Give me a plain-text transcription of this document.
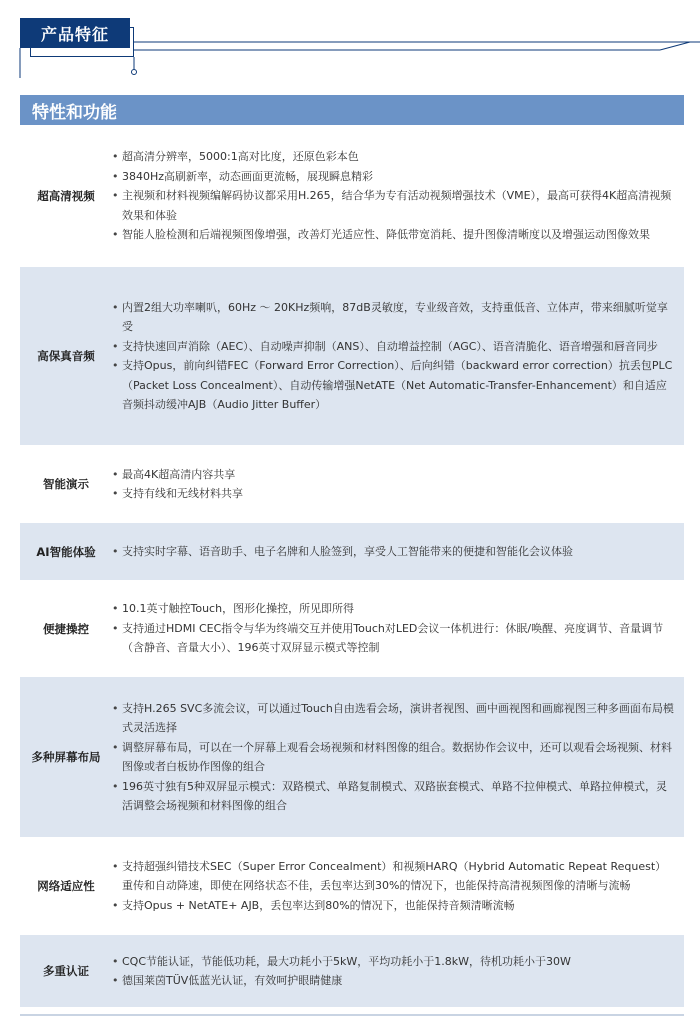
产品特征
特性和功能
超高清视频
• 超高清分辨率，5000:1高对比度，还原色彩本色
• 3840Hz高刷新率，动态画面更流畅，展现瞬息精彩
• 主视频和材料视频编解码协议都采用H.265，结合华为专有活动视频增强技术（VME），最高可获得4K超高清视频效果和体验
• 智能人脸检测和后端视频图像增强，改善灯光适应性、降低带宽消耗、提升图像清晰度以及增强运动图像效果
高保真音频
• 内置2组大功率喇叭，60Hz ～ 20KHz频响，87dB灵敏度，专业级音效，支持重低音、立体声，带来细腻听觉享受
• 支持快速回声消除（AEC）、自动噪声抑制（ANS）、自动增益控制（AGC）、语音清脆化、语音增强和唇音同步
• 支持Opus，前向纠错FEC（Forward Error Correction）、后向纠错（backward error correction）抗丢包PLC（Packet Loss Concealment）、自动传输增强NetATE（Net Automatic-Transfer-Enhancement）和自适应音频抖动缓冲AJB（Audio Jitter Buffer）
智能演示
• 最高4K超高清内容共享
• 支持有线和无线材料共享
AI智能体验
•	支持实时字幕、语音助手、电子名牌和人脸签到，享受人工智能带来的便捷和智能化会议体验
便捷操控
• 10.1英寸触控Touch，图形化操控，所见即所得
• 支持通过HDMI CEC指令与华为终端交互并使用Touch对LED会议一体机进行：休眠/唤醒、亮度调节、音量调节（含静音、音量大小）、196英寸双屏显示模式等控制
多种屏幕布局
• 支持H.265 SVC多流会议，可以通过Touch自由选看会场，演讲者视图、画中画视图和画廊视图三种多画面布局模式灵活选择
• 调整屏幕布局，可以在一个屏幕上观看会场视频和材料图像的组合。数据协作会议中，还可以观看会场视频、材料图像或者白板协作图像的组合
• 196英寸独有5种双屏显示模式：双路模式、单路复制模式、双路嵌套模式、单路不拉伸模式、单路拉伸模式，灵活调整会场视频和材料图像的组合
网络适应性
• 支持超强纠错技术SEC（Super Error Concealment）和视频HARQ（Hybrid Automatic Repeat Request）重传和自动降速，即使在网络状态不佳，丢包率达到30%的情况下，也能保持高清视频图像的清晰与流畅
• 支持Opus + NetATE+ AJB，丢包率达到80%的情况下，也能保持音频清晰流畅
多重认证
• CQC节能认证，节能低功耗，最大功耗小于5kW，平均功耗小于1.8kW，待机功耗小于30W
• 德国莱茵TÜV低蓝光认证，有效呵护眼睛健康
